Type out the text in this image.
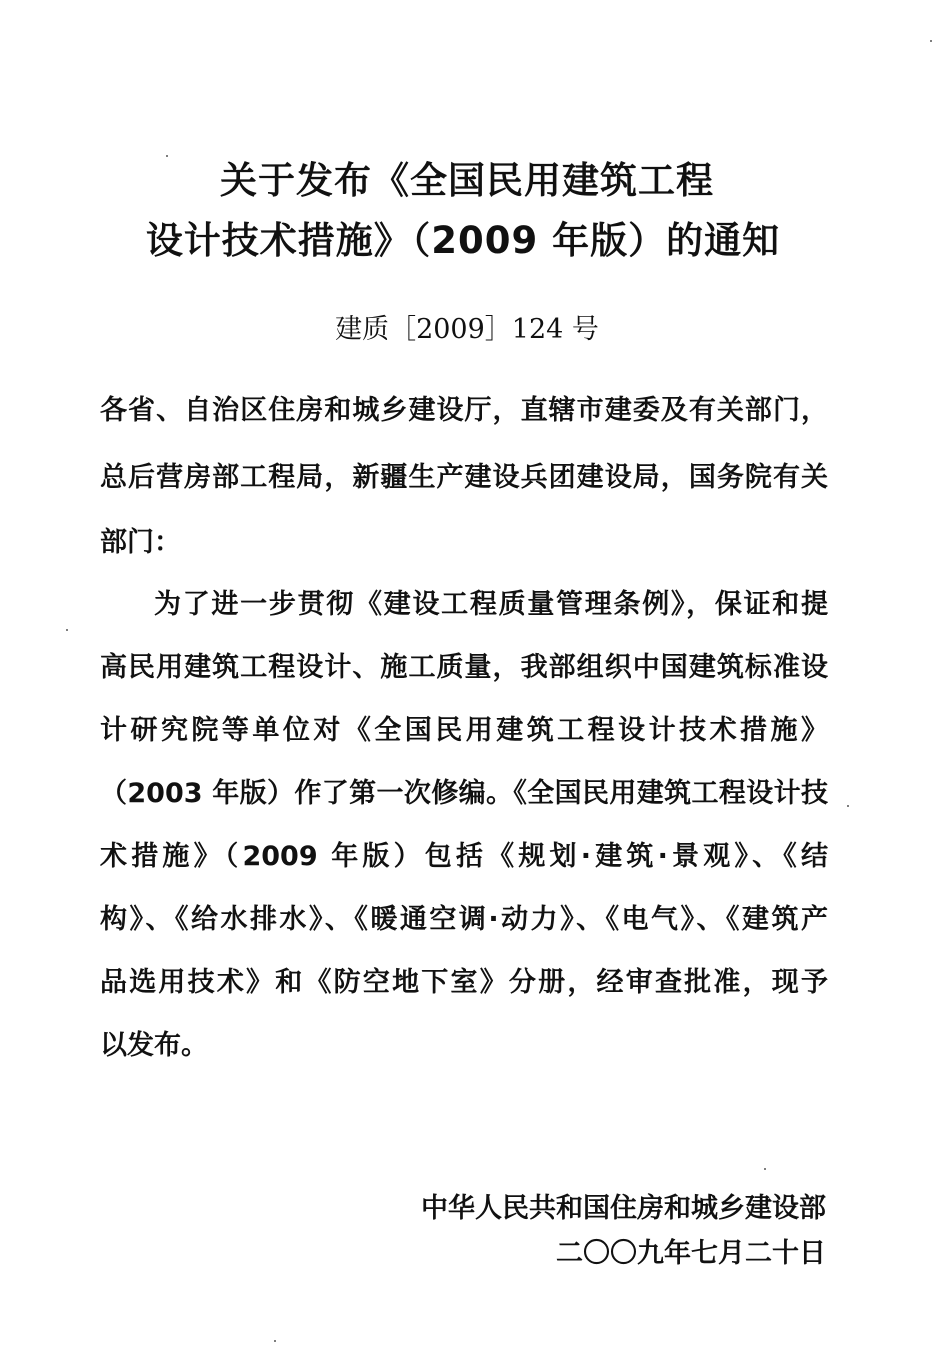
关于发布《全国民用建筑工程
设计技术措施》（2009 年版）的通知
建质［2009］124 号
各省、自治区住房和城乡建设厅，直辖市建委及有关部门，
总后营房部工程局，新疆生产建设兵团建设局，国务院有关
部门：
为了进一步贯彻《建设工程质量管理条例》，保证和提
高民用建筑工程设计、施工质量，我部组织中国建筑标准设
计研究院等单位对《全国民用建筑工程设计技术措施》
（2003 年版）作了第一次修编。《全国民用建筑工程设计技
术措施》（2009 年版）包括《规划·建筑·景观》、《结
构》、《给水排水》、《暖通空调·动力》、《电气》、《建筑产
品选用技术》和《防空地下室》分册，经审查批准，现予
以发布。
中华人民共和国住房和城乡建设部
二〇〇九年七月二十日
